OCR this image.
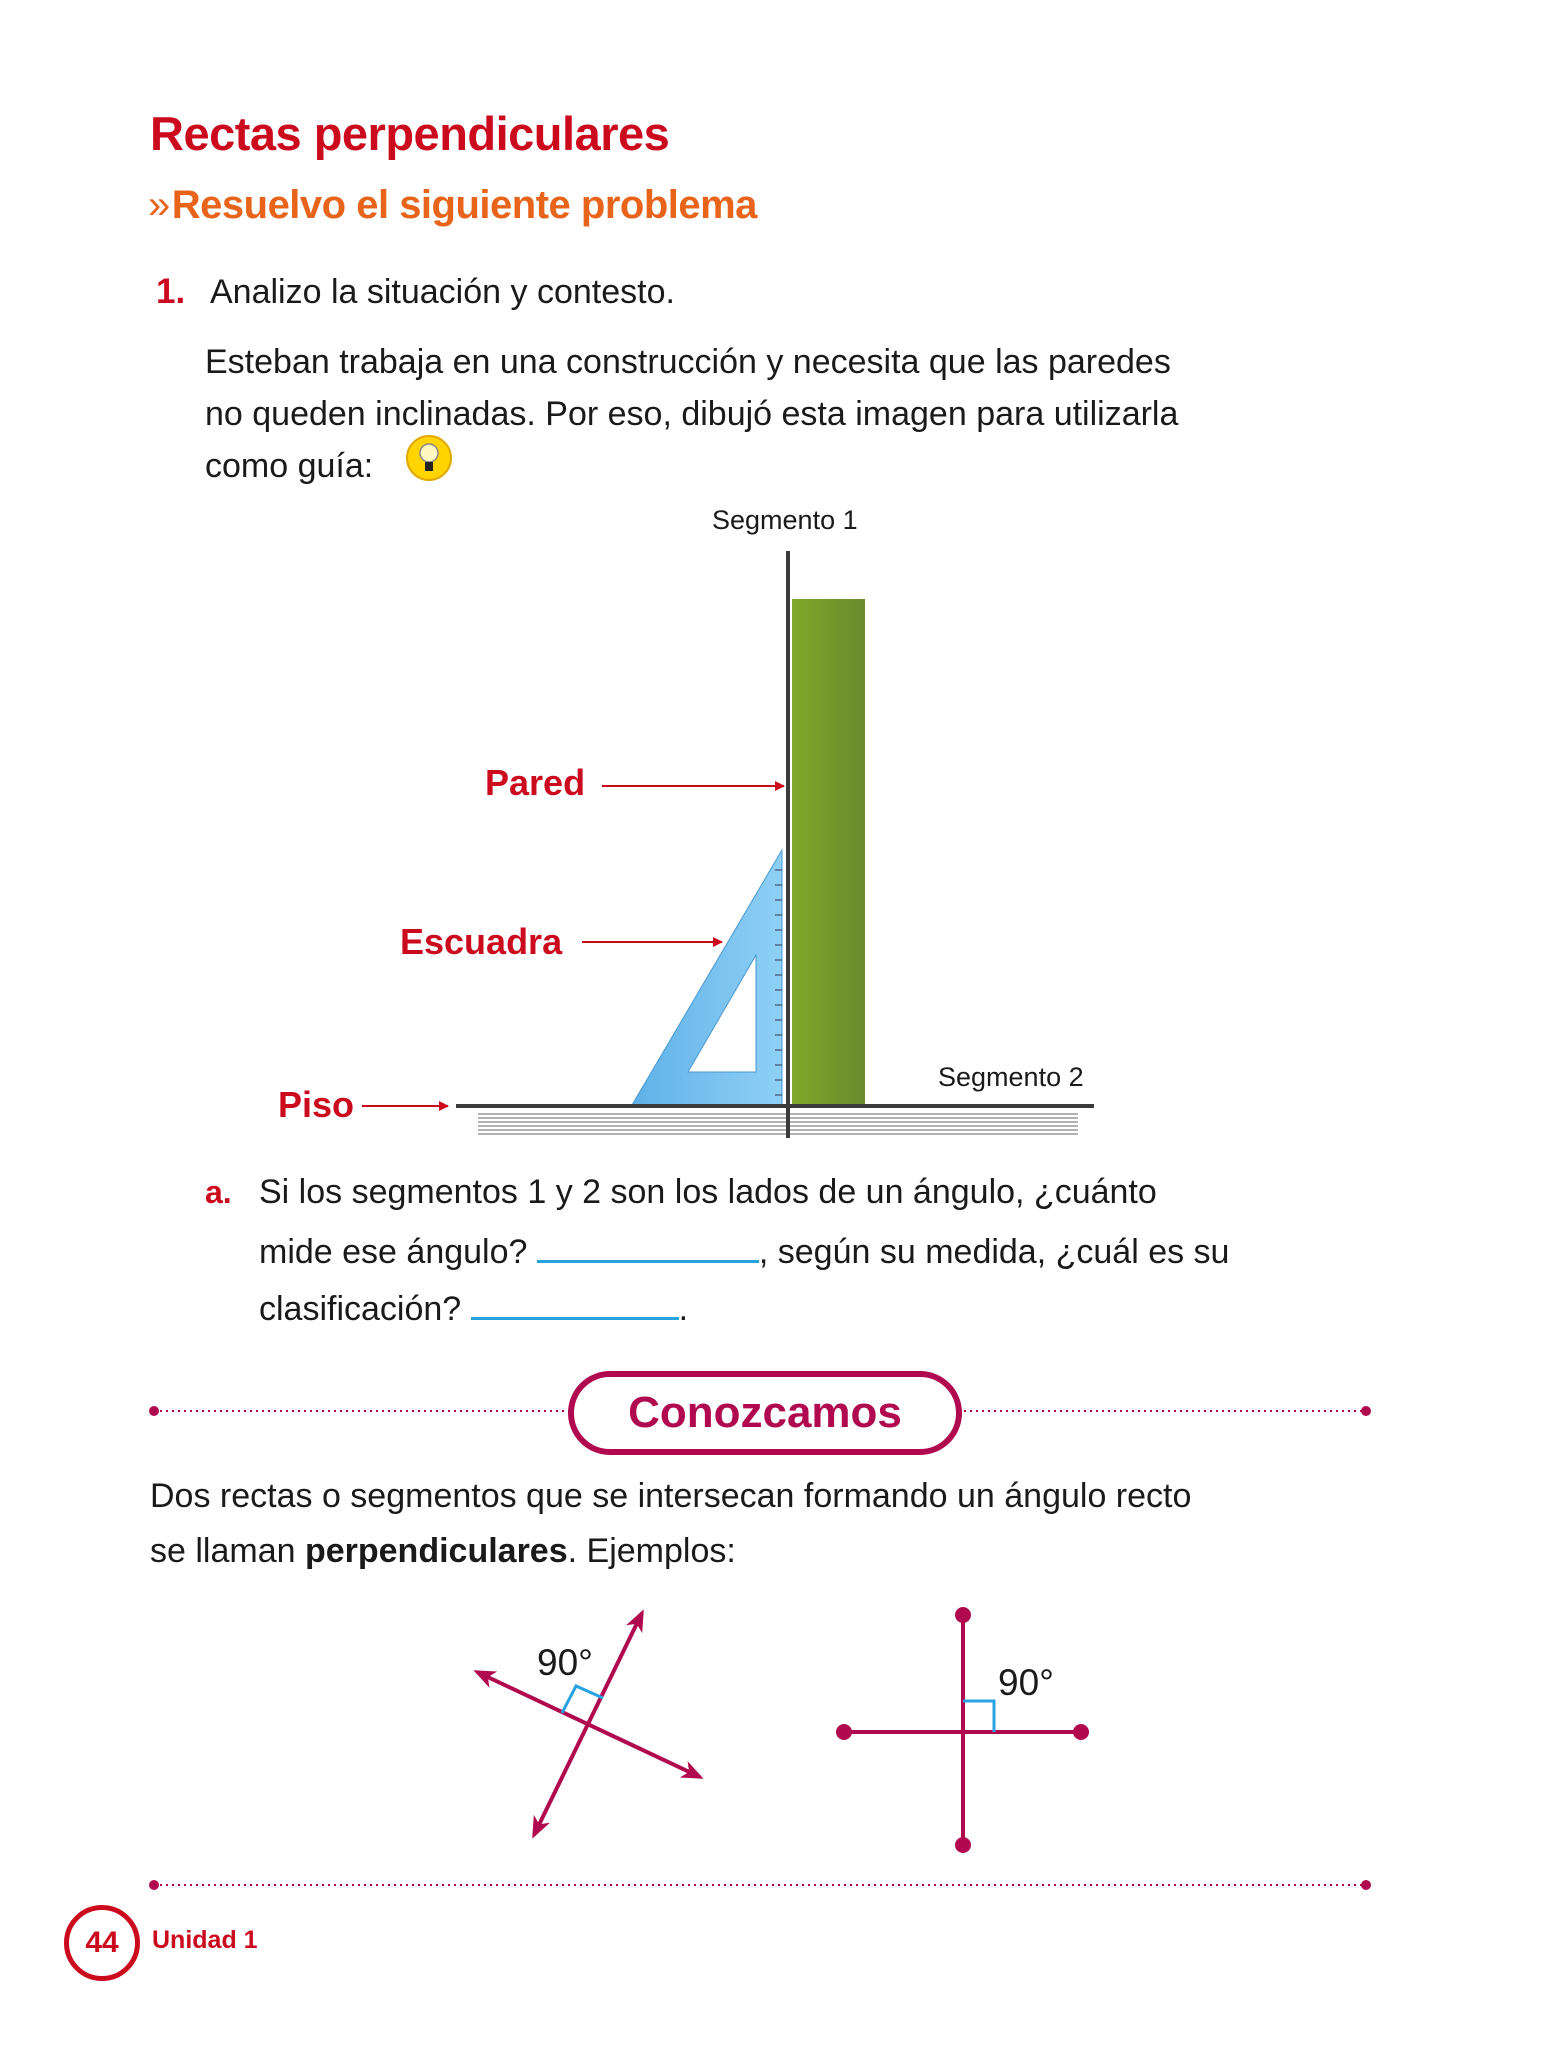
Rectas perpendiculares
»Resuelvo el siguiente problema
1. Analizo la situación y contesto.
Esteban trabaja en una construcción y necesita que las paredes
no queden inclinadas. Por eso, dibujó esta imagen para utilizarla
como guía:
Segmento 1
Segmento 2
Pared
Escuadra
Piso
a. Si los segmentos 1 y 2 son los lados de un ángulo, ¿cuánto
mide ese ángulo?	, según su medida, ¿cuál es su
clasificación?	.
Conozcamos
Dos rectas o segmentos que se intersecan formando un ángulo recto
se llaman perpendiculares. Ejemplos:
90°	90°
44	Unidad 1
